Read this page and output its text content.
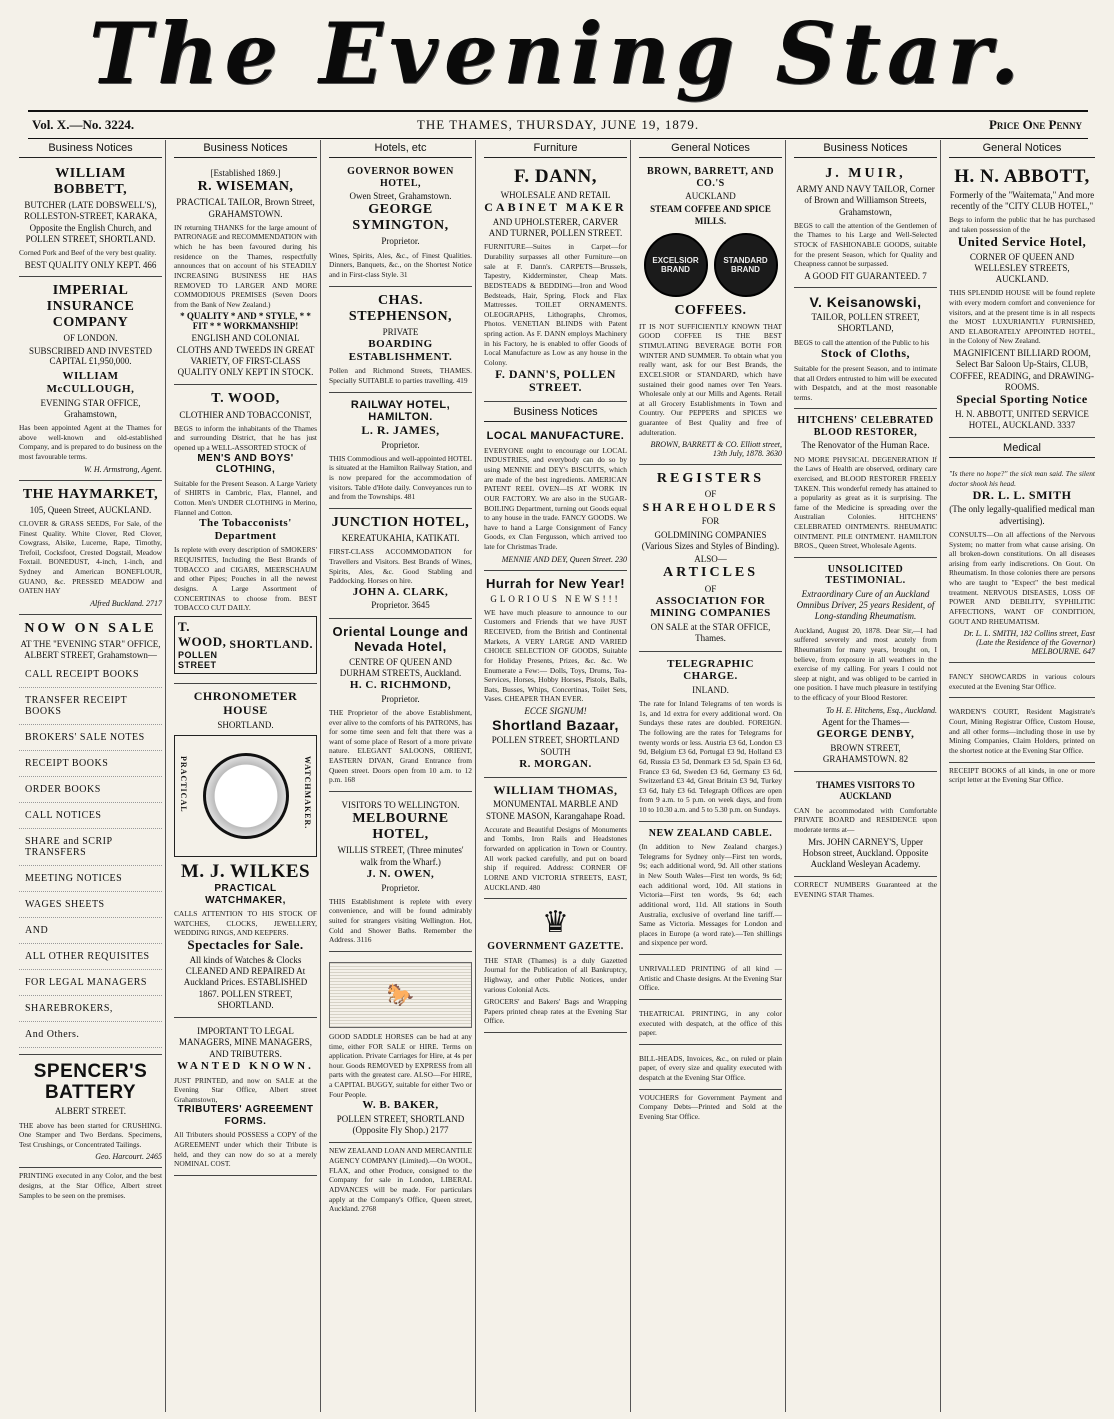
The Evening Star.
Vol. X.—No. 3224.	THE THAMES, THURSDAY, JUNE 19, 1879.	Price One Penny
Business Notices
WILLIAM BOBBETT,
BUTCHER (LATE DOBSWELL'S), ROLLESTON-STREET, KARAKA, Opposite the English Church, and POLLEN STREET, SHORTLAND.
Corned Pork and Beef of the very best quality.
BEST QUALITY ONLY KEPT. 466
IMPERIAL INSURANCE COMPANY
OF LONDON.
SUBSCRIBED AND INVESTED CAPITAL £1,950,000.
WILLIAM McCULLOUGH,
EVENING STAR OFFICE, Grahamstown,
Has been appointed Agent at the Thames for above well-known and old-established Company, and is prepared to do business on the most favourable terms.
W. H. Armstrong, Agent.
THE HAYMARKET,
105, Queen Street, AUCKLAND.
CLOVER & GRASS SEEDS, For Sale, of the Finest Quality. White Clover, Red Clover, Cowgrass, Alsike, Lucerne, Rape, Timothy, Trefoil, Cocksfoot, Crested Dogstail, Meadow Foxtail. BONEDUST, 4-inch, 1-inch, and Sydney and American BONEFLOUR, GUANO, &c. PRESSED MEADOW and OATEN HAY
Alfred Buckland. 2717
NOW ON SALE
AT THE "EVENING STAR" OFFICE, ALBERT STREET, Grahamstown—
CALL RECEIPT BOOKS
TRANSFER RECEIPT BOOKS
BROKERS' SALE NOTES
RECEIPT BOOKS
ORDER BOOKS
CALL NOTICES
SHARE and SCRIP TRANSFERS
MEETING NOTICES
WAGES SHEETS
AND
ALL OTHER REQUISITES
FOR LEGAL MANAGERS
SHAREBROKERS,
And Others.
SPENCER'S BATTERY
ALBERT STREET.
THE above has been started for CRUSHING. One Stamper and Two Berdans. Specimens, Test Crushings, or Concentrated Tailings.
Geo. Harcourt. 2465
PRINTING executed in any Color, and the best designs, at the Star Office, Albert street Samples to be seen on the premises.
Business Notices
[Established 1869.]
R. WISEMAN,
PRACTICAL TAILOR, Brown Street, GRAHAMSTOWN.
IN returning THANKS for the large amount of PATRONAGE and RECOMMENDATION with which he has been favoured during his residence on the Thames, respectfully announces that on account of his STEADILY INCREASING BUSINESS HE HAS REMOVED TO LARGER AND MORE COMMODIOUS PREMISES (Seven Doors from the Bank of New Zealand.)
* QUALITY * AND * STYLE, * * FIT * * WORKMANSHIP!
ENGLISH AND COLONIAL CLOTHS AND TWEEDS IN GREAT VARIETY, OF FIRST-CLASS QUALITY ONLY KEPT IN STOCK.
T. WOOD,
CLOTHIER AND TOBACCONIST,
BEGS to inform the inhabitants of the Thames and surrounding District, that he has just opened up a WELL-ASSORTED STOCK of
MEN'S AND BOYS' CLOTHING,
Suitable for the Present Season. A Large Variety of SHIRTS in Cambric, Flax, Flannel, and Cotton. Men's UNDER CLOTHING in Merino, Flannel and Cotton.
The Tobacconists' Department
Is replete with every description of SMOKERS' REQUISITES, Including the Best Brands of TOBACCO and CIGARS, MEERSCHAUM and other Pipes; Pouches in all the newest designs. A Large Assortment of CONCERTINAS to choose from. BEST TOBACCO CUT DAILY.
T. WOOD,
POLLEN STREET
SHORTLAND.
CHRONOMETER HOUSE
SHORTLAND.
PRACTICAL	WATCHMAKER.
M. J. WILKES
PRACTICAL WATCHMAKER,
CALLS ATTENTION TO HIS STOCK OF WATCHES, CLOCKS, JEWELLERY, WEDDING RINGS, AND KEEPERS.
Spectacles for Sale.
All kinds of Watches & Clocks CLEANED AND REPAIRED At Auckland Prices. ESTABLISHED 1867. POLLEN STREET, SHORTLAND.
IMPORTANT TO LEGAL MANAGERS, MINE MANAGERS, AND TRIBUTERS.
WANTED KNOWN.
JUST PRINTED, and now on SALE at the Evening Star Office, Albert street Grahamstown,
TRIBUTERS' AGREEMENT FORMS.
All Tributers should POSSESS a COPY of the AGREEMENT under which their Tribute is held, and they can now do so at a merely NOMINAL COST.
Hotels, etc
GOVERNOR BOWEN HOTEL,
Owen Street, Grahamstown.
GEORGE SYMINGTON,
Proprietor.
Wines, Spirits, Ales, &c., of Finest Qualities. Dinners, Banquets, &c., on the Shortest Notice and in First-class Style. 31
CHAS. STEPHENSON,
PRIVATE
BOARDING ESTABLISHMENT.
Pollen and Richmond Streets, THAMES. Specially SUITABLE to parties travelling. 419
RAILWAY HOTEL, HAMILTON.
L. R. JAMES,
Proprietor.
THIS Commodious and well-appointed HOTEL is situated at the Hamilton Railway Station, and is now prepared for the accommodation of visitors. Table d'Hote daily. Conveyances run to and from the Townships. 481
JUNCTION HOTEL,
KEREATUKAHIA, KATIKATI.
FIRST-CLASS ACCOMMODATION for Travellers and Visitors. Best Brands of Wines, Spirits, Ales, &c. Good Stabling and Paddocking. Horses on hire.
JOHN A. CLARK,
Proprietor. 3645
Oriental Lounge and Nevada Hotel,
CENTRE OF QUEEN AND DURHAM STREETS, Auckland.
H. C. RICHMOND,
Proprietor.
THE Proprietor of the above Establishment, ever alive to the comforts of his PATRONS, has for some time seen and felt that there was a want of some place of Resort of a more private nature. ELEGANT SALOONS, ORIENT, EASTERN DIVAN, Grand Entrance from Queen street. Doors open from 10 a.m. to 12 p.m. 168
VISITORS TO WELLINGTON.
MELBOURNE HOTEL,
WILLIS STREET, (Three minutes' walk from the Wharf.)
J. N. OWEN,
Proprietor.
THIS Establishment is replete with every convenience, and will be found admirably suited for strangers visiting Wellington. Hot, Cold and Shower Baths. Remember the Address. 3116
🐎
GOOD SADDLE HORSES can be had at any time, either FOR SALE or HIRE. Terms on application. Private Carriages for Hire, at 4s per hour. Goods REMOVED by EXPRESS from all parts with the greatest care. ALSO—For HIRE, a CAPITAL BUGGY, suitable for either Two or Four People.
W. B. BAKER,
POLLEN STREET, SHORTLAND (Opposite Fly Shop.) 2177
NEW ZEALAND LOAN AND MERCANTILE AGENCY COMPANY (Limited).—On WOOL, FLAX, and other Produce, consigned to the Company for sale in London, LIBERAL ADVANCES will be made. For particulars apply at the Company's Office, Queen street, Auckland. 2768
Furniture
F. DANN,
WHOLESALE AND RETAIL
CABINET MAKER
AND UPHOLSTERER, CARVER AND TURNER, POLLEN STREET.
FURNITURE—Suites in Carpet—for Durability surpasses all other Furniture—on sale at F. Dann's. CARPETS—Brussels, Tapestry, Kidderminster, Cheap Mats. BEDSTEADS & BEDDING—Iron and Wood Bedsteads, Hair, Spring, Flock and Flax Mattresses. TOILET ORNAMENTS. OLEOGRAPHS, Lithographs, Chromos, Photos. VENETIAN BLINDS with Patent spring action. As F. DANN employs Machinery in his Factory, he is enabled to offer Goods of Local Manufacture as Low as any house in the Colony.
F. DANN'S, POLLEN STREET.
Business Notices
LOCAL MANUFACTURE.
EVERYONE ought to encourage our LOCAL INDUSTRIES, and everybody can do so by using MENNIE and DEY's BISCUITS, which are made of the best ingredients. AMERICAN PATENT REEL OVEN—IS AT WORK IN OUR FACTORY. We are also in the SUGAR-BOILING Department, turning out Goods equal to any house in the trade. FANCY GOODS. We have to hand a Large Consignment of Fancy Goods, ex Clan Fergusson, which arrived too late for Christmas Trade.
MENNIE AND DEY, Queen Street. 230
Hurrah for New Year!
GLORIOUS NEWS!!!
WE have much pleasure to announce to our Customers and Friends that we have JUST RECEIVED, from the British and Continental Markets, A VERY LARGE AND VARIED CHOICE SELECTION OF GOODS, Suitable for Holiday Presents, Prizes, &c. &c. We Enumerate a Few:— Dolls, Toys, Drums, Tea-Services, Horses, Hobby Horses, Pistols, Balls, Bats, Busses, Whips, Concertinas, Toilet Sets, Vases. CHEAPER THAN EVER.
ECCE SIGNUM!
Shortland Bazaar,
POLLEN STREET, SHORTLAND SOUTH
R. MORGAN.
WILLIAM THOMAS,
MONUMENTAL MARBLE AND STONE MASON, Karangahape Road.
Accurate and Beautiful Designs of Monuments and Tombs, Iron Rails and Headstones forwarded on application in Town or Country. All work packed carefully, and put on board ship if required. Address: CORNER OF LORNE AND VICTORIA STREETS, EAST, AUCKLAND. 480
♛
GOVERNMENT GAZETTE.
THE STAR (Thames) is a duly Gazetted Journal for the Publication of all Bankruptcy, Highway, and other Public Notices, under various Colonial Acts.
GROCERS' and Bakers' Bags and Wrapping Papers printed cheap rates at the Evening Star Office.
General Notices
BROWN, BARRETT, AND CO.'S
AUCKLAND
STEAM COFFEE AND SPICE MILLS.
EXCELSIOR BRAND
STANDARD BRAND
COFFEES.
IT IS NOT SUFFICIENTLY KNOWN THAT GOOD COFFEE IS THE BEST STIMULATING BEVERAGE BOTH FOR WINTER AND SUMMER. To obtain what you really want, ask for our Best Brands, the EXCELSIOR or STANDARD, which have sustained their good names over Ten Years. Wholesale only at our Mills and Agents. Retail at all Grocery Establishments in Town and Country. Our PEPPERS and SPICES we guarantee of Best Quality and free of adulteration.
BROWN, BARRETT & CO. Elliott street, 13th July, 1878. 3630
REGISTERS
OF
SHAREHOLDERS
FOR
GOLDMINING COMPANIES (Various Sizes and Styles of Binding).
ALSO—
ARTICLES
OF
ASSOCIATION FOR MINING COMPANIES
ON SALE at the STAR OFFICE, Thames.
TELEGRAPHIC CHARGE.
INLAND.
The rate for Inland Telegrams of ten words is 1s, and 1d extra for every additional word. On Sundays these rates are doubled. FOREIGN. The following are the rates for Telegrams for twenty words or less. Austria £3 6d, London £3 9d, Belgium £3 6d, Portugal £3 9d, Holland £3 6d, Russia £3 5d, Denmark £3 5d, Spain £3 6d, France £3 6d, Sweden £3 6d, Germany £3 6d, Switzerland £3 4d, Great Britain £3 9d, Turkey £3 6d, Italy £3 6d. Telegraph Offices are open from 9 a.m. to 5 p.m. on week days, and from 10 to 10.30 a.m. and 5 to 5.30 p.m. on Sundays.
NEW ZEALAND CABLE.
(In addition to New Zealand charges.) Telegrams for Sydney only—First ten words, 9s; each additional word, 9d. All other stations in New South Wales—First ten words, 9s 6d; each additional word, 10d. All stations in Victoria—First ten words, 9s 6d; each additional word, 11d. All stations in South Australia, exclusive of overland line tariff.—Same as Victoria. Messages for London and places in Europe (a word rate).—Ten shillings and sixpence per word.
UNRIVALLED PRINTING of all kind —Artistic and Chaste designs. At the Evening Star Office.
THEATRICAL PRINTING, in any color executed with despatch, at the office of this paper.
BILL-HEADS, Invoices, &c., on ruled or plain paper, of every size and quality executed with despatch at the Evening Star Office.
VOUCHERS for Government Payment and Company Debts—Printed and Sold at the Evening Star Office.
Business Notices
J. MUIR,
ARMY AND NAVY TAILOR, Corner of Brown and Williamson Streets, Grahamstown,
BEGS to call the attention of the Gentlemen of the Thames to his Large and Well-Selected STOCK of FASHIONABLE GOODS, suitable for the present Season, which for Quality and Cheapness cannot be surpassed.
A GOOD FIT GUARANTEED. 7
V. Keisanowski,
TAILOR, POLLEN STREET, SHORTLAND,
BEGS to call the attention of the Public to his
Stock of Cloths,
Suitable for the present Season, and to intimate that all Orders entrusted to him will be executed with Despatch, and at the most reasonable terms.
HITCHENS' CELEBRATED BLOOD RESTORER,
The Renovator of the Human Race.
NO MORE PHYSICAL DEGENERATION If the Laws of Health are observed, ordinary care exercised, and BLOOD RESTORER FREELY TAKEN. This wonderful remedy has attained to a popularity as great as it is surprising. The fame of the Medicine is spreading over the Australian Colonies. HITCHENS' CELEBRATED OINTMENTS. RHEUMATIC OINTMENT. PILE OINTMENT. HAMILTON BROS., Queen Street, Wholesale Agents.
UNSOLICITED TESTIMONIAL.
Extraordinary Cure of an Auckland Omnibus Driver, 25 years Resident, of Long-standing Rheumatism.
Auckland, August 20, 1878. Dear Sir,—I had suffered severely and most acutely from Rheumatism for many years, brought on, I believe, from exposure in all weathers in the exercise of my calling. For years I could not sleep at night, and was obliged to be carried in one position. I have much pleasure in testifying to the efficacy of your Blood Restorer.
To H. E. Hitchens, Esq., Auckland.
Agent for the Thames—
GEORGE DENBY,
BROWN STREET, GRAHAMSTOWN. 82
THAMES VISITORS TO AUCKLAND
CAN be accommodated with Comfortable PRIVATE BOARD and RESIDENCE upon moderate terms at—
Mrs. JOHN CARNEY'S, Upper Hobson street, Auckland. Opposite Auckland Wesleyan Academy.
CORRECT NUMBERS Guaranteed at the EVENING STAR Thames.
General Notices
H. N. ABBOTT,
Formerly of the "Waitemata," And more recently of the "CITY CLUB HOTEL,"
Begs to inform the public that he has purchased and taken possession of the
United Service Hotel,
CORNER OF QUEEN AND WELLESLEY STREETS, AUCKLAND.
THIS SPLENDID HOUSE will be found replete with every modern comfort and convenience for visitors, and at the present time is in all respects the MOST LUXURIANTLY FURNISHED, AND ELABORATELY APPOINTED HOTEL, in the Colony of New Zealand.
MAGNIFICENT BILLIARD ROOM, Select Bar Saloon Up-Stairs, CLUB, COFFEE, READING, and DRAWING-ROOMS.
Special Sporting Notice
H. N. ABBOTT, UNITED SERVICE HOTEL, AUCKLAND. 3337
Medical
"Is there no hope?" the sick man said. The silent doctor shook his head.
DR. L. L. SMITH
(The only legally-qualified medical man advertising).
CONSULTS—On all affections of the Nervous System; no matter from what cause arising. On all broken-down constitutions. On all diseases arising from early indiscretions. On Gout. On Rheumatism. In those colonies there are persons who are taught to "Expect" the best medical treatment. NERVOUS DISEASES, LOSS OF POWER AND DEBILITY, SYPHILITIC AFFECTIONS, WANT OF CONDITION, GOUT AND RHEUMATISM.
Dr. L. L. SMITH, 182 Collins street, East (Late the Residence of the Governor) MELBOURNE. 647
FANCY SHOWCARDS in various colours executed at the Evening Star Office.
WARDEN'S COURT, Resident Magistrate's Court, Mining Registrar Office, Custom House, and all other forms—including those in use by Mining Companies, Claim Holders, printed on the shortest notice at the Evening Star Office.
RECEIPT BOOKS of all kinds, in one or more script letter at the Evening Star Office.
